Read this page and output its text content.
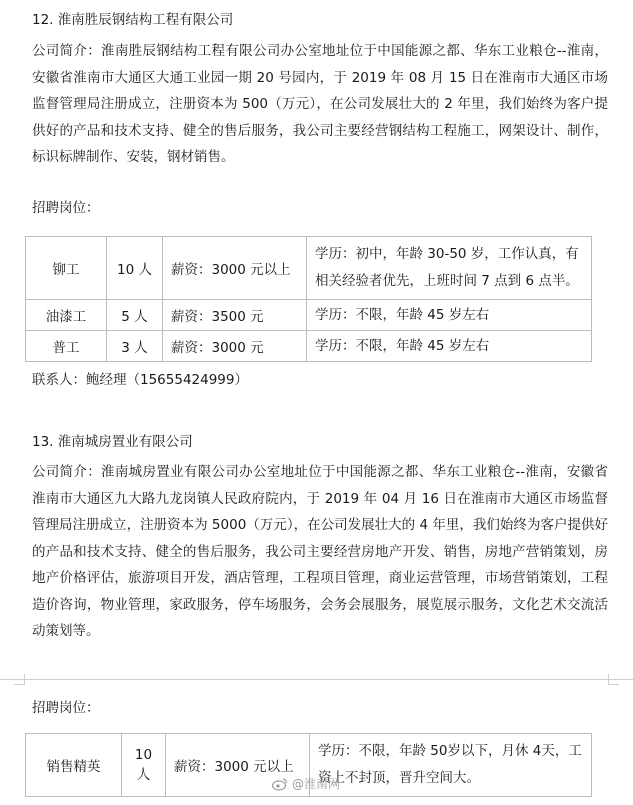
12. 淮南胜辰钢结构工程有限公司
公司简介：淮南胜辰钢结构工程有限公司办公室地址位于中国能源之都、华东工业粮仓--淮南，安徽省淮南市大通区大通工业园一期 20 号园内，于 2019 年 08 月 15 日在淮南市大通区市场监督管理局注册成立，注册资本为 500（万元），在公司发展壮大的 2 年里，我们始终为客户提供好的产品和技术支持、健全的售后服务，我公司主要经营钢结构工程施工，网架设计、制作，标识标牌制作、安装，钢材销售。
招聘岗位：
铆工	10 人	薪资：3000 元以上	学历：初中，年龄 30-50 岁，工作认真，有相关经验者优先，上班时间 7 点到 6 点半。
油漆工	5 人	薪资：3500 元	学历：不限，年龄 45 岁左右
普工	3 人	薪资：3000 元	学历：不限，年龄 45 岁左右
联系人：鲍经理（15655424999）
13. 淮南城房置业有限公司
公司简介：淮南城房置业有限公司办公室地址位于中国能源之都、华东工业粮仓--淮南，安徽省淮南市大通区九大路九龙岗镇人民政府院内，于 2019 年 04 月 16 日在淮南市大通区市场监督管理局注册成立，注册资本为 5000（万元），在公司发展壮大的 4 年里，我们始终为客户提供好的产品和技术支持、健全的售后服务，我公司主要经营房地产开发、销售，房地产营销策划，房地产价格评估，旅游项目开发，酒店管理，工程项目管理，商业运营管理，市场营销策划，工程造价咨询，物业管理，家政服务，停车场服务，会务会展服务，展览展示服务，文化艺术交流活动策划等。
招聘岗位：
销售精英	10 人	薪资：3000 元以上	学历：不限，年龄 50岁以下，月休 4天，工资上不封顶，晋升空间大。
@淮南网
